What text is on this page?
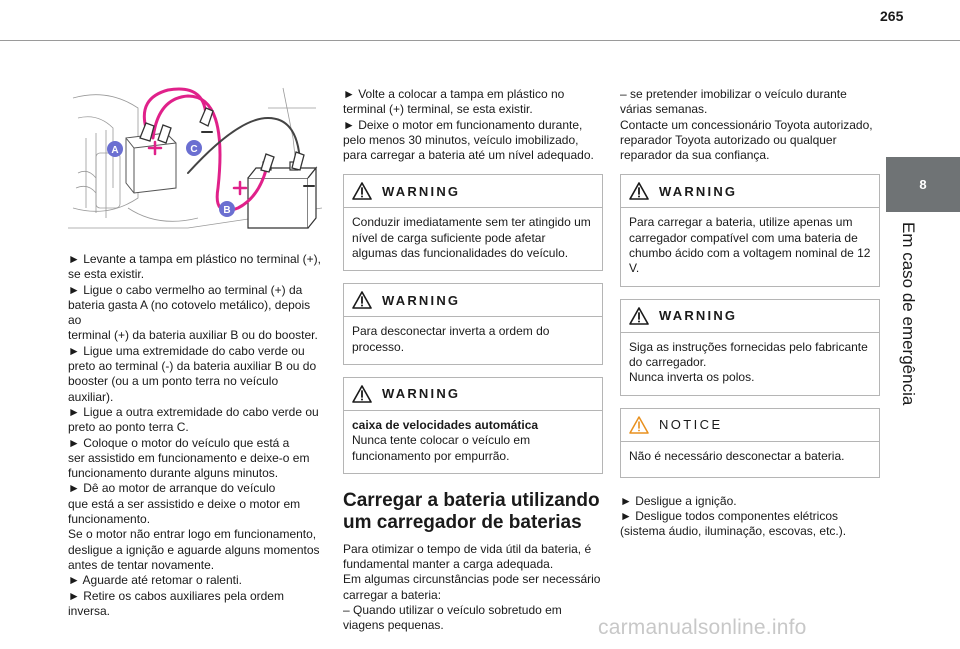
265
8
Em caso de emergência
A	C
B
► Levante a tampa em plástico no terminal (+),
se esta existir.
► Ligue o cabo vermelho ao terminal (+) da
bateria gasta A (no cotovelo metálico), depois ao
terminal (+) da bateria auxiliar B ou do booster.
► Ligue uma extremidade do cabo verde ou
preto ao terminal (-) da bateria auxiliar B ou do
booster (ou a um ponto terra no veículo auxiliar).
► Ligue a outra extremidade do cabo verde ou
preto ao ponto terra C.
► Coloque o motor do veículo que está a
ser assistido em funcionamento e deixe-o em
funcionamento durante alguns minutos.
► Dê ao motor de arranque do veículo
que está a ser assistido e deixe o motor em
funcionamento.
Se o motor não entrar logo em funcionamento,
desligue a ignição e aguarde alguns momentos
antes de tentar novamente.
► Aguarde até retomar o ralenti.
► Retire os cabos auxiliares pela ordem
inversa.
► Volte a colocar a tampa em plástico no
terminal (+) terminal, se esta existir.
► Deixe o motor em funcionamento durante,
pelo menos 30 minutos, veículo imobilizado,
para carregar a bateria até um nível adequado.
WARNING
Conduzir imediatamente sem ter atingido um nível de carga suficiente pode afetar algumas das funcionalidades do veículo.
WARNING
Para desconectar inverta a ordem do processo.
WARNING
caixa de velocidades automática
Nunca tente colocar o veículo em funcionamento por empurrão.
Carregar a bateria utilizando um carregador de baterias
Para otimizar o tempo de vida útil da bateria, é
fundamental manter a carga adequada.
Em algumas circunstâncias pode ser necessário
carregar a bateria:
– Quando utilizar o veículo sobretudo em
viagens pequenas.
– se pretender imobilizar o veículo durante
várias semanas.
Contacte um concessionário Toyota autorizado,
reparador Toyota autorizado ou qualquer
reparador da sua confiança.
WARNING
Para carregar a bateria, utilize apenas um carregador compatível com uma bateria de chumbo ácido com a voltagem nominal de 12 V.
WARNING
Siga as instruções fornecidas pelo fabricante do carregador.
Nunca inverta os polos.
NOTICE
Não é necessário desconectar a bateria.
► Desligue a ignição.
► Desligue todos componentes elétricos
(sistema áudio, iluminação, escovas, etc.).
carmanualsonline.info
